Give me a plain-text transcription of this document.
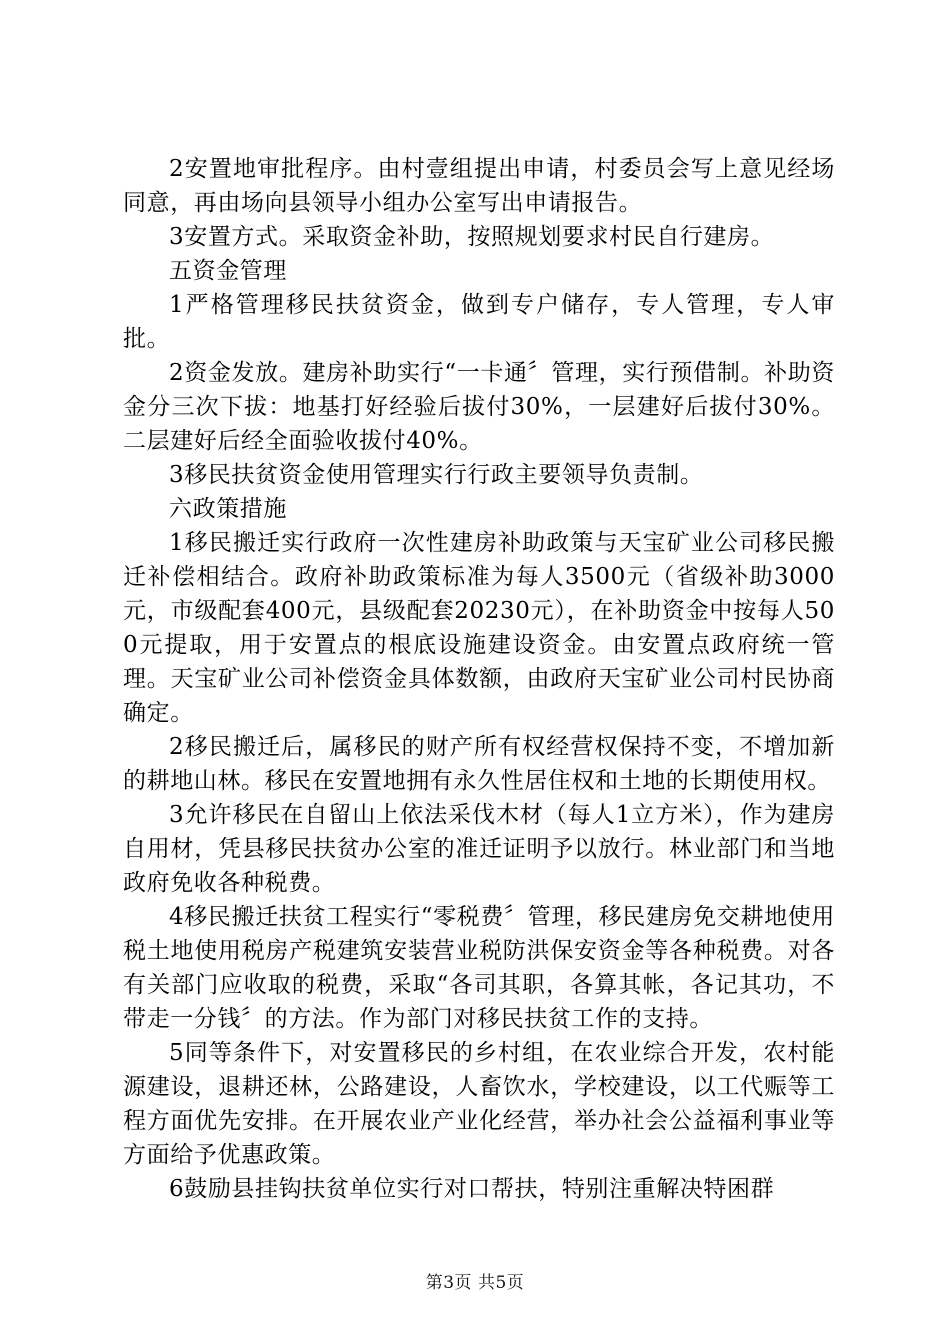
2安置地审批程序。由村壹组提出申请，村委员会写上意见经场同意，再由场向县领导小组办公室写出申请报告。

3安置方式。采取资金补助，按照规划要求村民自行建房。

五资金管理

1严格管理移民扶贫资金，做到专户储存，专人管理，专人审批。

2资金发放。建房补助实行“一卡通〞管理，实行预借制。补助资金分三次下拔：地基打好经验后拔付30%，一层建好后拔付30%。二层建好后经全面验收拔付40%。

3移民扶贫资金使用管理实行行政主要领导负责制。

六政策措施

1移民搬迁实行政府一次性建房补助政策与天宝矿业公司移民搬迁补偿相结合。政府补助政策标准为每人3500元（省级补助3000元，市级配套400元，县级配套20230元），在补助资金中按每人500元提取，用于安置点的根底设施建设资金。由安置点政府统一管理。天宝矿业公司补偿资金具体数额，由政府天宝矿业公司村民协商确定。

2移民搬迁后，属移民的财产所有权经营权保持不变，不增加新的耕地山林。移民在安置地拥有永久性居住权和土地的长期使用权。

3允许移民在自留山上依法采伐木材（每人1立方米），作为建房自用材，凭县移民扶贫办公室的准迁证明予以放行。林业部门和当地政府免收各种税费。

4移民搬迁扶贫工程实行“零税费〞管理，移民建房免交耕地使用税土地使用税房产税建筑安装营业税防洪保安资金等各种税费。对各有关部门应收取的税费，采取“各司其职，各算其帐，各记其功，不带走一分钱〞的方法。作为部门对移民扶贫工作的支持。

5同等条件下，对安置移民的乡村组，在农业综合开发，农村能源建设，退耕还林，公路建设，人畜饮水，学校建设，以工代赈等工程方面优先安排。在开展农业产业化经营，举办社会公益福利事业等方面给予优惠政策。

6鼓励县挂钩扶贫单位实行对口帮扶，特别注重解决特困群

第3页 共5页
